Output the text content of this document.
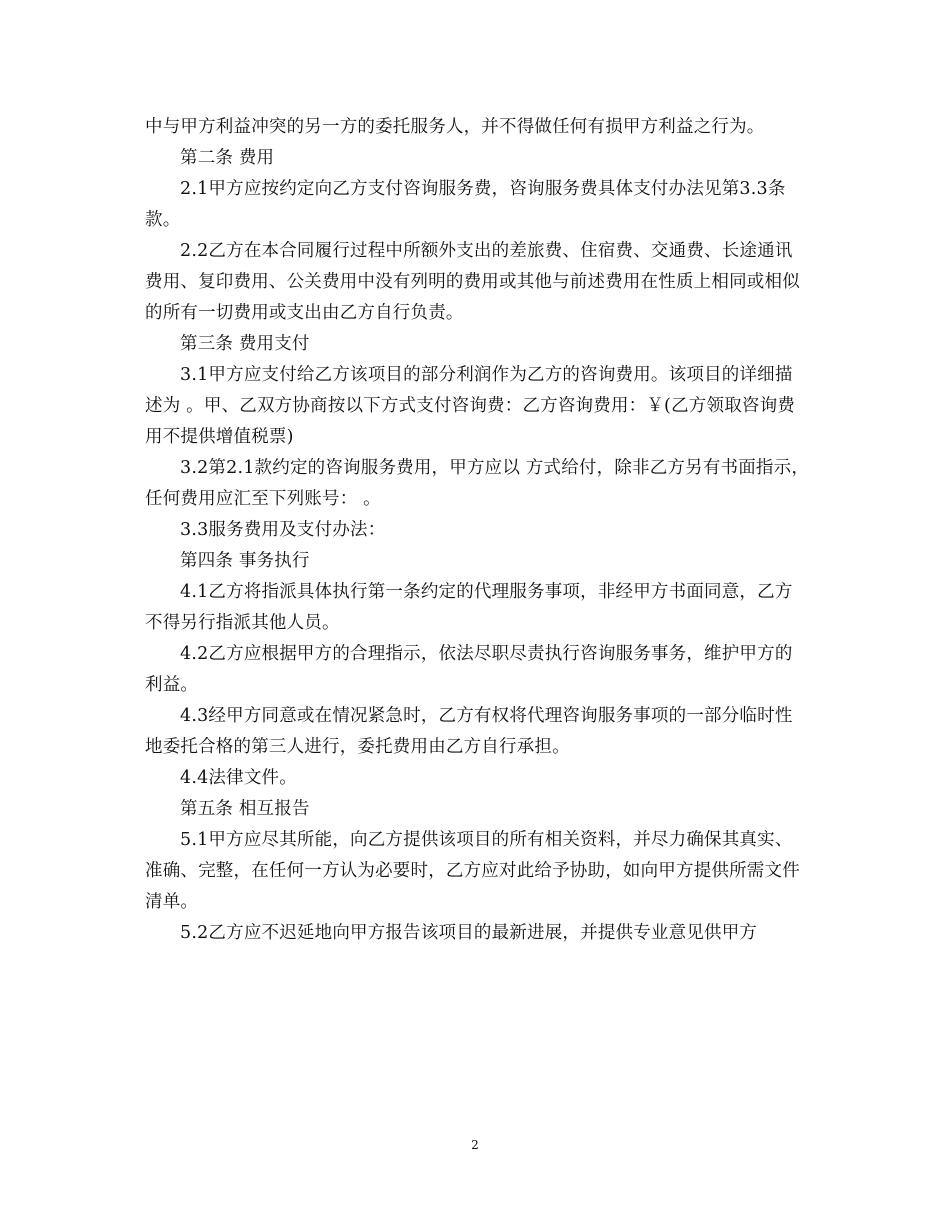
中与甲方利益冲突的另一方的委托服务人，并不得做任何有损甲方利益之行为。

第二条 费用

2.1甲方应按约定向乙方支付咨询服务费，咨询服务费具体支付办法见第3.3条款。

2.2乙方在本合同履行过程中所额外支出的差旅费、住宿费、交通费、长途通讯费用、复印费用、公关费用中没有列明的费用或其他与前述费用在性质上相同或相似的所有一切费用或支出由乙方自行负责。

第三条 费用支付

3.1甲方应支付给乙方该项目的部分利润作为乙方的咨询费用。该项目的详细描述为 。甲、乙双方协商按以下方式支付咨询费：乙方咨询费用：￥(乙方领取咨询费用不提供增值税票)

3.2第2.1款约定的咨询服务费用，甲方应以 方式给付，除非乙方另有书面指示，任何费用应汇至下列账号： 。

3.3服务费用及支付办法：

第四条 事务执行

4.1乙方将指派具体执行第一条约定的代理服务事项，非经甲方书面同意，乙方不得另行指派其他人员。

4.2乙方应根据甲方的合理指示，依法尽职尽责执行咨询服务事务，维护甲方的利益。

4.3经甲方同意或在情况紧急时，乙方有权将代理咨询服务事项的一部分临时性地委托合格的第三人进行，委托费用由乙方自行承担。

4.4法律文件。

第五条 相互报告

5.1甲方应尽其所能，向乙方提供该项目的所有相关资料，并尽力确保其真实、准确、完整，在任何一方认为必要时，乙方应对此给予协助，如向甲方提供所需文件清单。

5.2乙方应不迟延地向甲方报告该项目的最新进展，并提供专业意见供甲方

2
